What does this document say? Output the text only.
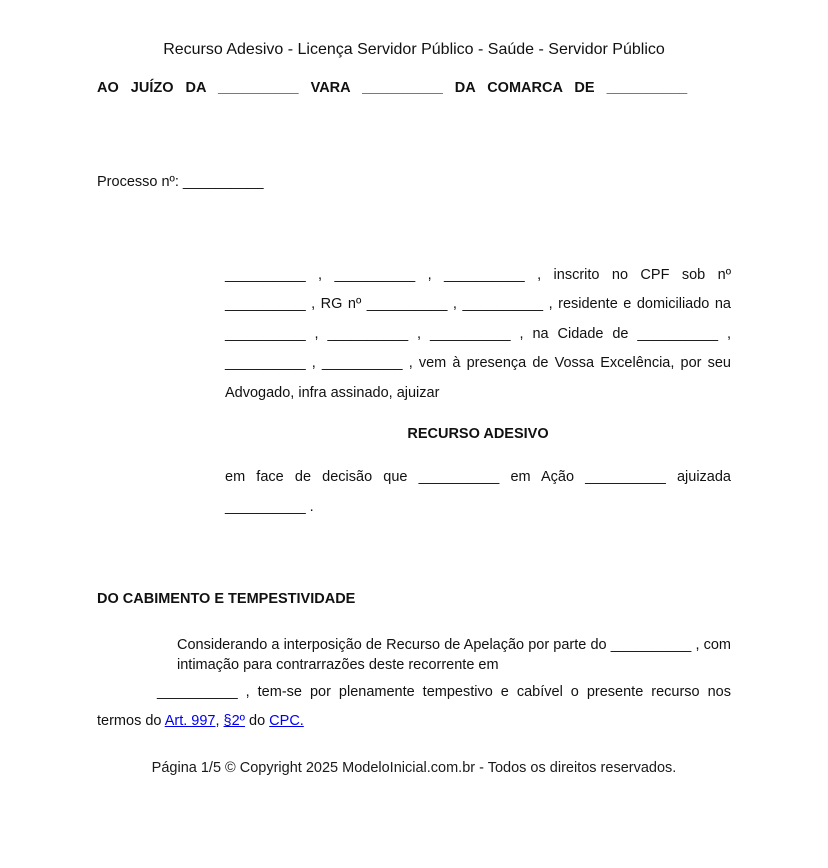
Recurso Adesivo - Licença Servidor Público - Saúde - Servidor Público
AO JUÍZO DA __________ VARA __________ DA COMARCA DE __________
Processo nº: __________
__________ , __________ , __________ , inscrito no CPF sob nº __________ , RG nº __________ , __________ , residente e domiciliado na __________ , __________ , __________ , na Cidade de __________ , __________ , __________ , vem à presença de Vossa Excelência, por seu Advogado, infra assinado, ajuizar
RECURSO ADESIVO
em face de decisão que __________ em Ação __________ ajuizada __________ .
DO CABIMENTO E TEMPESTIVIDADE
Considerando a interposição de Recurso de Apelação por parte do __________ , com intimação para contrarrazões deste recorrente em
__________ , tem-se por plenamente tempestivo e cabível o presente recurso nos termos do Art. 997, §2º do CPC.
Página 1/5 © Copyright 2025 ModeloInicial.com.br - Todos os direitos reservados.
